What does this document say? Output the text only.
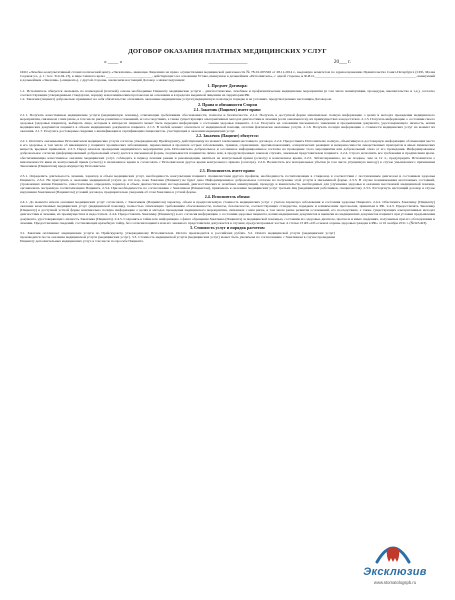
ДОГОВОР ОКАЗАНИЯ ПЛАТНЫХ МЕДИЦИНСКИХ УСЛУГ
« ____ »	_______________	20___ г.

ООО «Лечебно-консультативный стоматологический центр «Эксклюзив», имеющее Лицензию на право осуществления медицинской деятельности № 78-01-005326 от 28.11.2014 г., выданную комитетом по здравоохранению Правительства Санкт-Петербурга (СПб, Малая Садовая ул., д. 1; тел.: 314-04-13), в лице главного врача __________________________, действующего на основании Устава, именуемое в дальнейшем «Исполнитель», с одной стороны, и Ф.И.О._________________________________________________________, именуемый в дальнейшем «Заказчик» («пациент»), с другой стороны, заключили настоящий Договор о нижеследующем:

1. Предмет Договора:

1.1. Исполнитель обязуется оказывать по возмездной (платной) основе необходимые Пациенту медицинские услуги – диагностические, лечебные и профилактические медицинские мероприятия (в том числе манипуляции, процедуры, вмешательства и т.д.), согласно соответствующим утвержденным стандартам, порядку или клиническим протоколам на основании и в пределах выданной лицензии на территории РФ.

1.2. Заказчик (пациент) добровольно принимает на себя обязательство оплачивать оказанные медицинские услуги (медицинскую помощь) в порядке и на условиях, предусмотренных настоящим Договором.

2. Права и обязанности Сторон
2.1. Заказчик (Пациент) имеет право:

2.1.1. Получать качественные медицинские услуги (медицинскую помощь), отвечающие требованиям обоснованности, полноты и безопасности. 2.1.2. Получать в доступной форме максимально полную информацию о целях и методах проведения медицинского мероприятия, связанном с ним риске, в том числе риске развития осложнений, его последствиях, а также существующих альтернативных методах диагностики и лечения (если они имеются), их преимуществах и недостатках. 2.1.3. Получать информацию о состоянии своего здоровья (здоровья пациента), выбирать лицо, которым в интересах пациента может быть передана информация о состоянии здоровья пациента. 2.1.4. Получать на основании письменного заявления и предъявления документа, удостоверяющего личность, копии медицинских документов пациента в объеме медицинских документов пациента. 2.1.5. В любой момент отказаться от медицинской помощи, оплатив фактически оказанные услуги. 2.1.6. Получать полную информацию о стоимости медицинских услуг на момент их оказания. 2.1.7. Получать достоверные сведения о квалификации и сертификации специалистов, участвующих в оказании медицинских услуг.

2.2. Заказчик (Пациент) обязуется:

2.2.1. Оплатить оказываемые Исполнителем медицинские услуги согласно утвержденному Прейскуранту, действующему на момент заключения настоящего договора. 2.2.2. Предоставить Исполнителю полную, объективную и достоверную информацию об имеющих место в его здоровье, в том числе об имеющихся у пациента хронических заболеваниях, перенесенных в прошлом острых заболеваниях, травмах, отравлениях, противопоказаниях, аллергических реакциях и непереносимости лекарственных препаратов и иных химических веществ, вредных привычках. 2.2.3. Перед началом проведения медицинского мероприятия дать Исполнителю добровольное и осознанное информированное согласие на проведение этого мероприятия или добровольный отказ от его проведения. Информированное добровольное согласие (информированный добровольный отказ) дается в письменной форме, подписывается пациентом лично или, в предусмотренных законом случаях, законным представителем пациента. 2.2.4. Строго исполнять все требования и предписания врача, обеспечивающие качественное оказание медицинских услуг, соблюдать в период лечения режим и рекомендации, являться на контрольный прием (осмотр) в назначенное время. 2.2.5. Заблаговременно, но не позднее, чем за 12 ч., предупредить Исполнителя о невозможности явки на контрольный прием (осмотр) в назначенное время и согласовать с Исполнителем другое время контрольного приема (осмотра). 2.2.6. Возместить все материальные убытки (в том числе упущенную выгоду) в случае умышленного причинения Заказчиком (Пациентом) вреда имуществу Исполнителя.

2.3. Исполнитель имеет право:

2.3.1. Определить длительность лечения, характер и объем медицинских услуг, необходимость консультации пациента специалистами другого профиля, необходимость госпитализации в стационар в соответствии с поставленным диагнозом и состоянием здоровья Пациента. 2.3.2. Не приступать к оказанию медицинской услуги до тех пор, пока Заказчик (Пациент) не будет дано Информированное добровольное согласие на получение этой услуги в письменной форме. 2.3.3. В случае возникновения неотложных состояний, угрожающих жизни Пациента, самостоятельно определять характер и объем диагностических исследований, диагностических и лечебных манипуляций, процедур и вмешательств, необходимых для улучшения здоровья и оказания неотложной медицинской помощи, организовать экстренную госпитализацию Пациента. 2.3.4. При необходимости, по согласованию с Заказчиком (Пациентом), привлекать к оказанию медицинских услуг третьих лиц (медицинских работников, специалистов). 2.3.5. Расторгнуть настоящий договор в случае нарушения Заказчиком (Пациентом) условий договора, предварительно уведомив об этом Заказчика в устной форме.

2.4. Исполнитель обязан:

2.4.1. До момента начала оказания медицинских услуг согласовать с Заказчиком (Пациентом) характер, объем и предполагаемую стоимость медицинских услуг с учетом характера заболевания и состояния здоровья Пациента. 2.4.2. Обеспечить Заказчику (Пациенту) оказание качественных медицинских услуг (медицинской помощи), полностью отвечающих требованиям обоснованности, полноты, безопасности, соответствующих стандартам, порядкам и клиническим протоколам, принятым в РФ. 2.4.3. Предоставлять Заказчику (Пациенту) в доступной устной форме максимально полную информацию о целях и методах проведения медицинского мероприятия, связанном с ним риске, в том числе риске развития осложнений, его последствиях, а также существующих альтернативных методах диагностики и лечения, их преимуществах и недостатках. 2.4.4. Предоставлять Заказчику (Пациенту) в его согласия информацию о состоянии здоровья пациента, копии медицинских документов и выписки из медицинских документов пациента при условии предъявления документа, удостоверяющего личность Заказчика (Пациента). 2.4.5. Сохранять в тайне всю информацию о факте обращения Заказчика (Пациента) за медицинской помощью, состоянии его здоровья, диагнозе, прогнозе и иных сведениях, полученных при его обследовании и лечении. Предоставление сведений, составляющих врачебную тайну, без согласия пациента или его законного представителя допускается в случаях, предусмотренных частью 4 статьи 13 ФЗ «Об основах охраны здоровья граждан в РФ» от 01 ноября 2011 г. (№323-ФЗ).

3. Стоимость услуг и порядок расчетов:

3.1. Заказчик оплачивает медицинские услуги по Прейскуранту, утвержденному Исполнителем. Оплата производится в российских рублях. 3.2. Оплата медицинской услуги (медицинских услуг) производится после оказания медицинской услуги (медицинских услуг). 3.3. Стоимость медицинской услуги (медицинских услуг) может быть увеличена по согласованию с Заказчиком в случае проведения Пациенту дополнительных медицинских услуг, в том числе по просьбе Пациента.

Эксклюзив
www.stomatologspb.ru
